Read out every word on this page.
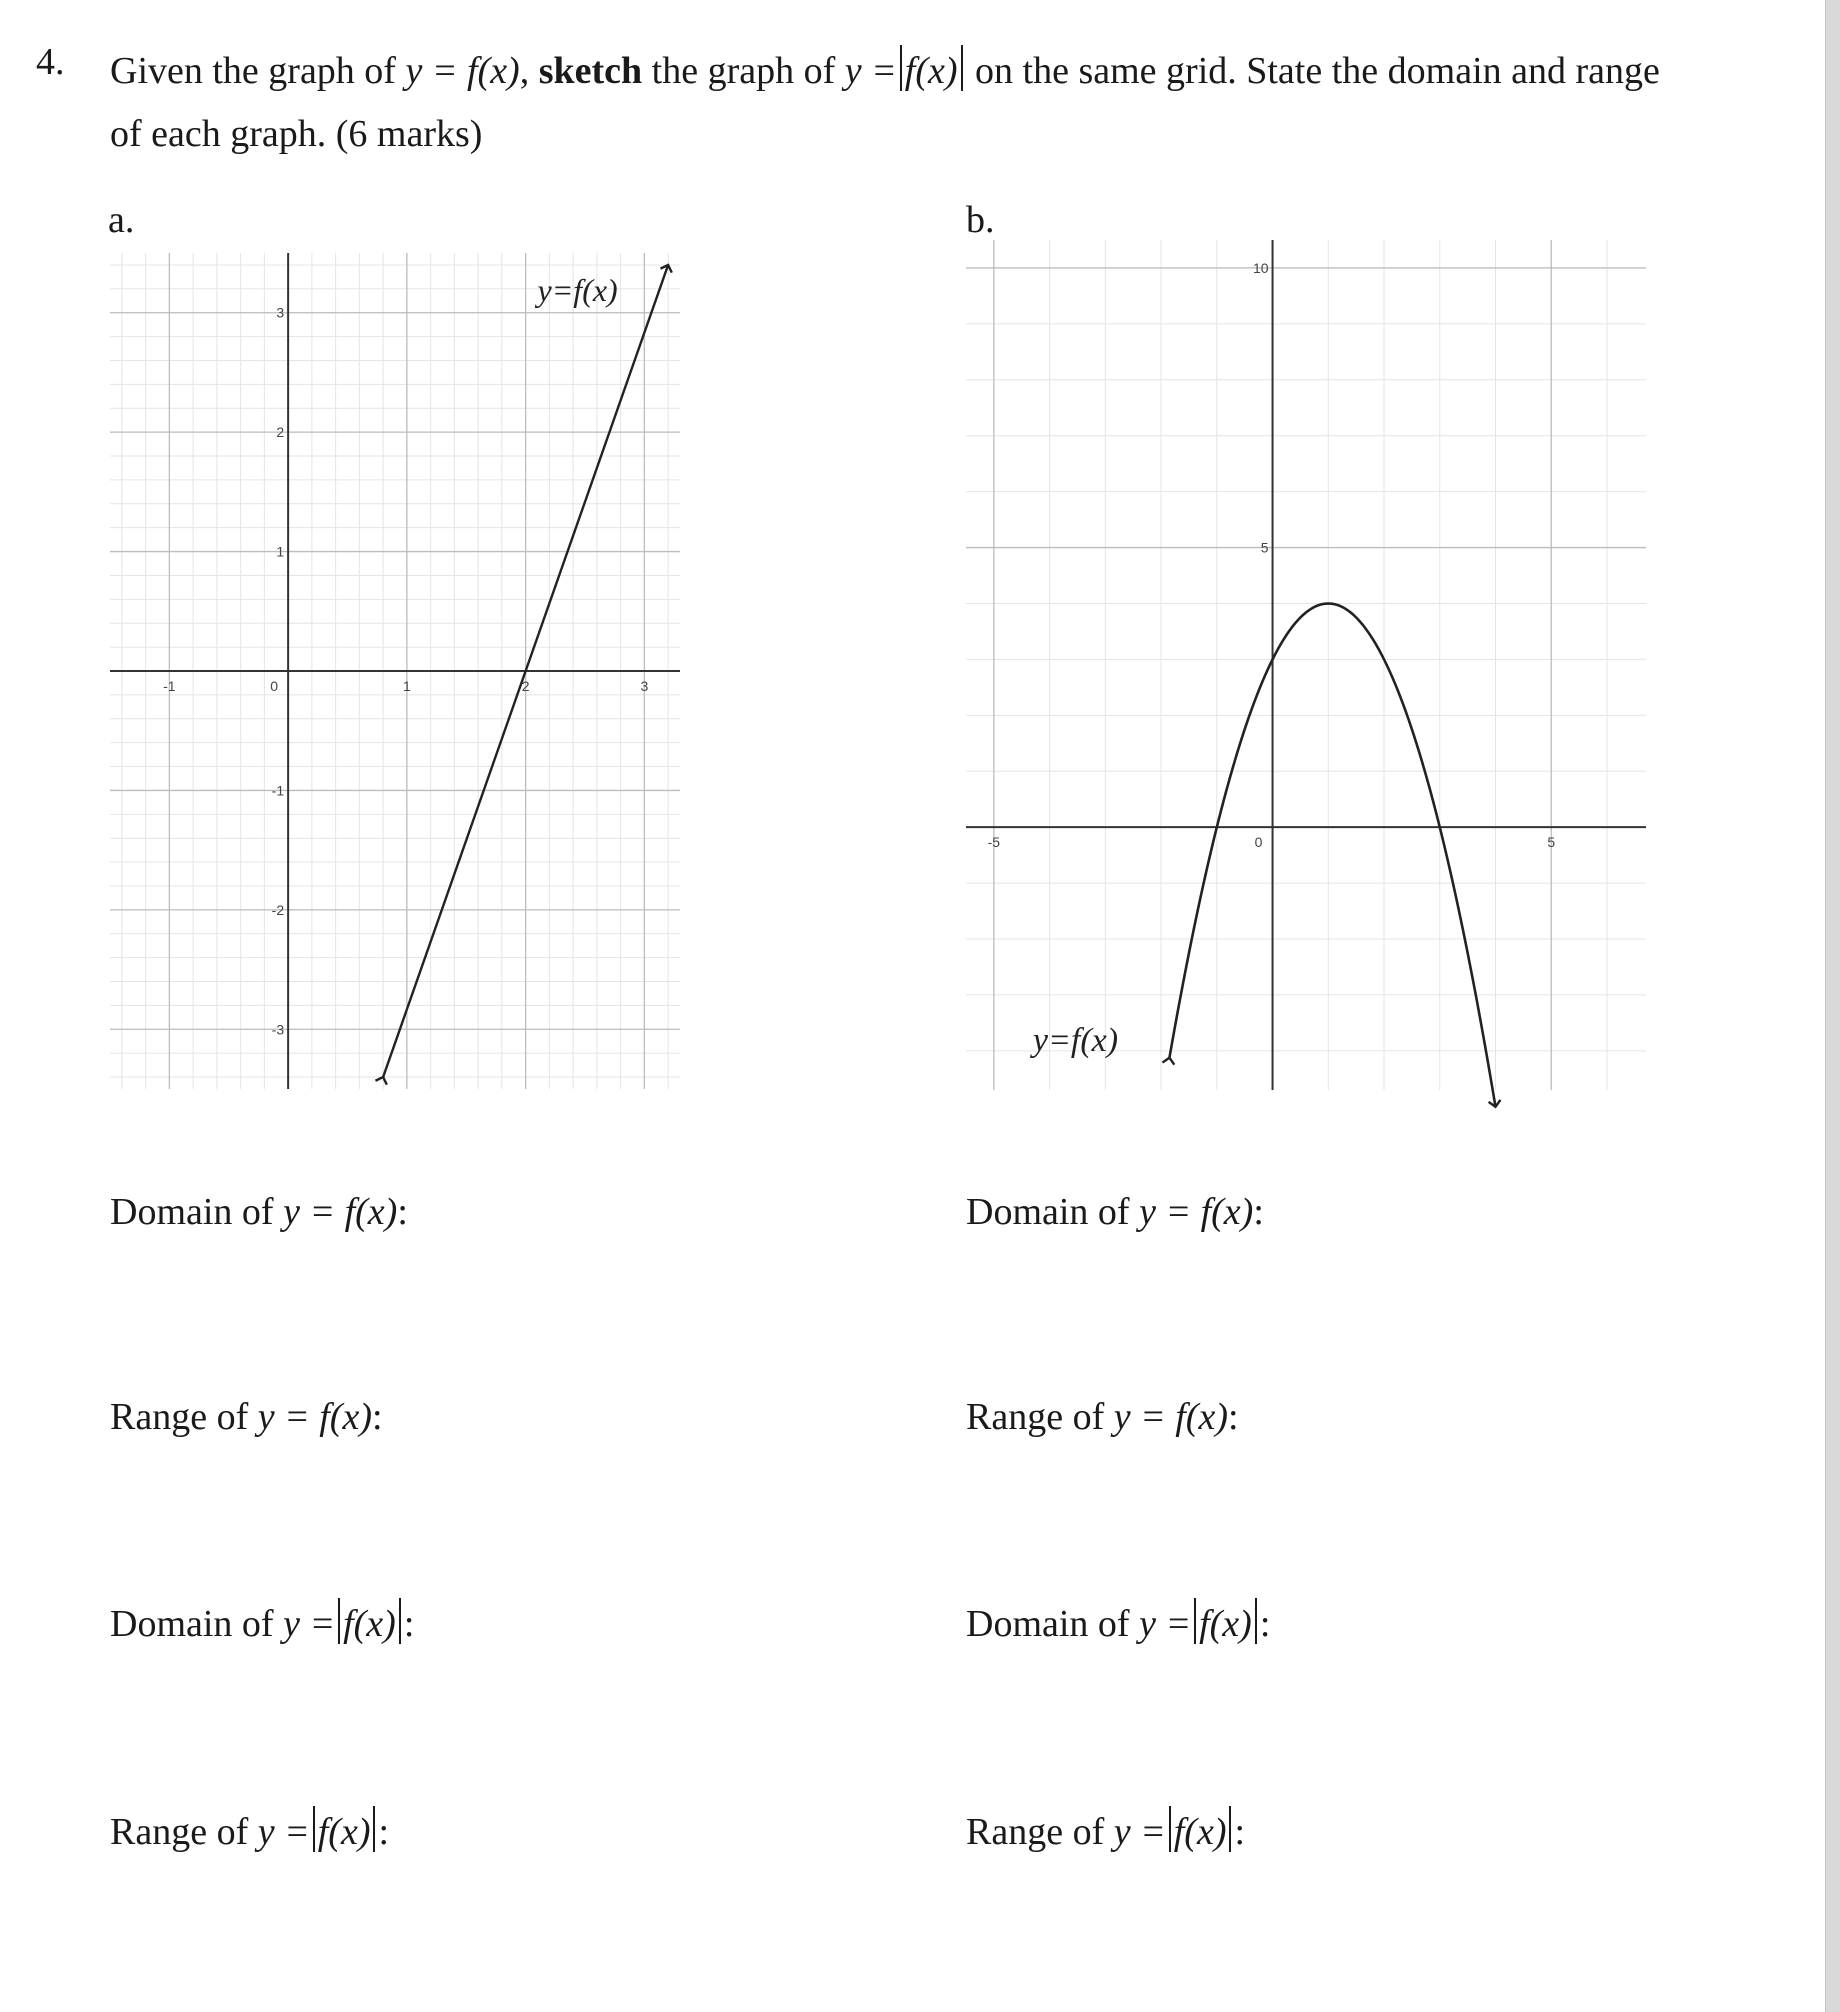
4. Given the graph of y = f(x), sketch the graph of y = f(x) on the same grid. State the domain and range of each graph. (6 marks)
a.	b.
-1	0	1	2	3
-3
-2
-1
1
2
3
y=f(x)
-5	0	5
5
10
y=f(x)
Domain of y = f(x):
Range of y = f(x):
Domain of y = f(x) :
Range of y = f(x) :
Domain of y = f(x):
Range of y = f(x):
Domain of y = f(x) :
Range of y = f(x) :
